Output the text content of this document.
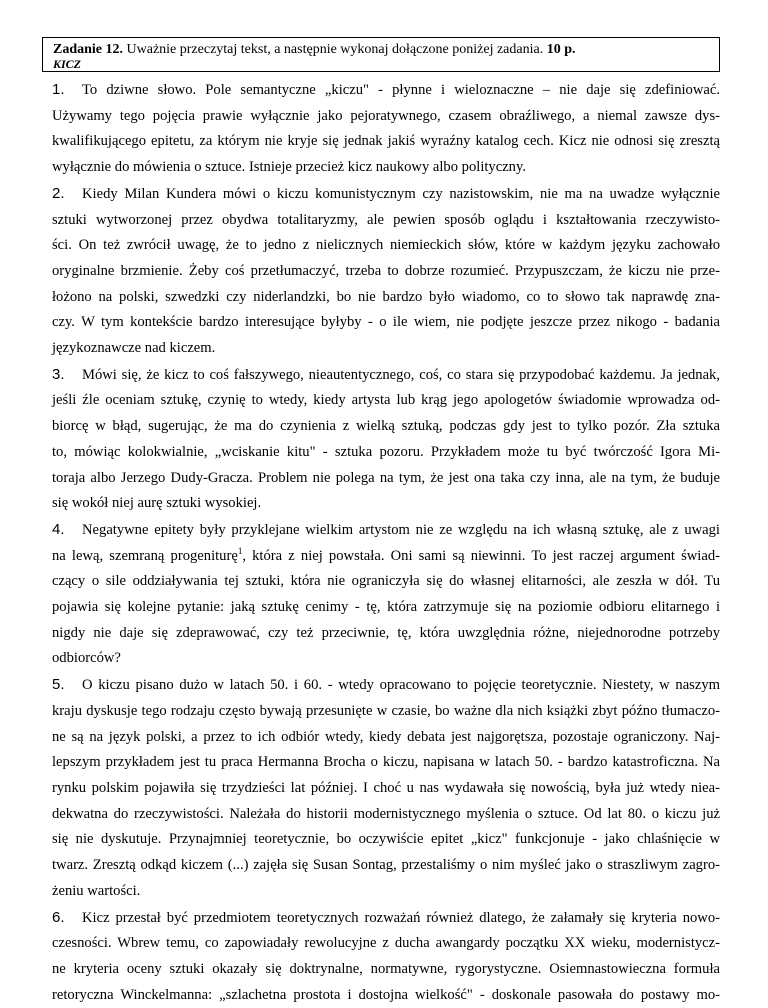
Zadanie 12. Uważnie przeczytaj tekst, a następnie wykonaj dołączone poniżej zadania. 10 p.
KICZ
1. To dziwne słowo. Pole semantyczne „kiczu" - płynne i wieloznaczne – nie daje się zdefiniować.
Używamy tego pojęcia prawie wyłącznie jako pejoratywnego, czasem obraźliwego, a niemal zawsze dys-
kwalifikującego epitetu, za którym nie kryje się jednak jakiś wyraźny katalog cech. Kicz nie odnosi się zresztą
wyłącznie do mówienia o sztuce. Istnieje przecież kicz naukowy albo polityczny.
2. Kiedy Milan Kundera mówi o kiczu komunistycznym czy nazistowskim, nie ma na uwadze wyłącznie
sztuki wytworzonej przez obydwa totalitaryzmy, ale pewien sposób oglądu i kształtowania rzeczywisto-
ści. On też zwrócił uwagę, że to jedno z nielicznych niemieckich słów, które w każdym języku zachowało
oryginalne brzmienie. Żeby coś przetłumaczyć, trzeba to dobrze rozumieć. Przypuszczam, że kiczu nie prze-
łożono na polski, szwedzki czy niderlandzki, bo nie bardzo było wiadomo, co to słowo tak naprawdę zna-
czy. W tym kontekście bardzo interesujące byłyby - o ile wiem, nie podjęte jeszcze przez nikogo - badania
językoznawcze nad kiczem.
3. Mówi się, że kicz to coś fałszywego, nieautentycznego, coś, co stara się przypodobać każdemu. Ja jednak,
jeśli źle oceniam sztukę, czynię to wtedy, kiedy artysta lub krąg jego apologetów świadomie wprowadza od-
biorcę w błąd, sugerując, że ma do czynienia z wielką sztuką, podczas gdy jest to tylko pozór. Zła sztuka
to, mówiąc kolokwialnie, „wciskanie kitu" - sztuka pozoru. Przykładem może tu być twórczość Igora Mi-
toraja albo Jerzego Dudy-Gracza. Problem nie polega na tym, że jest ona taka czy inna, ale na tym, że buduje
się wokół niej aurę sztuki wysokiej.
4. Negatywne epitety były przyklejane wielkim artystom nie ze względu na ich własną sztukę, ale z uwagi
na lewą, szemraną progeniturę$^1$, która z niej powstała. Oni sami są niewinni. To jest raczej argument świad-
czący o sile oddziaływania tej sztuki, która nie ograniczyła się do własnej elitarności, ale zeszła w dół. Tu
pojawia się kolejne pytanie: jaką sztukę cenimy - tę, która zatrzymuje się na poziomie odbioru elitarnego i
nigdy nie daje się zdeprawować, czy też przeciwnie, tę, która uwzględnia różne, niejednorodne potrzeby
odbiorców?
5. O kiczu pisano dużo w latach 50. i 60. - wtedy opracowano to pojęcie teoretycznie. Niestety, w naszym
kraju dyskusje tego rodzaju często bywają przesunięte w czasie, bo ważne dla nich książki zbyt późno tłumaczo-
ne są na język polski, a przez to ich odbiór wtedy, kiedy debata jest najgorętsza, pozostaje ograniczony. Naj-
lepszym przykładem jest tu praca Hermanna Brocha o kiczu, napisana w latach 50. - bardzo katastroficzna. Na
rynku polskim pojawiła się trzydzieści lat później. I choć u nas wydawała się nowością, była już wtedy nieа-
dekwatna do rzeczywistości. Należała do historii modernistycznego myślenia o sztuce. Od lat 80. o kiczu już
się nie dyskutuje. Przynajmniej teoretycznie, bo oczywiście epitet „kicz" funkcjonuje - jako chlaśnięcie w
twarz. Zresztą odkąd kiczem (...) zajęła się Susan Sontag, przestaliśmy o nim myśleć jako o straszliwym zagro-
żeniu wartości.
6. Kicz przestał być przedmiotem teoretycznych rozważań również dlatego, że załamały się kryteria nowo-
czesności. Wbrew temu, co zapowiadały rewolucyjne z ducha awangardy początku XX wieku, modernistycz-
ne kryteria oceny sztuki okazały się doktrynalne, normatywne, rygorystyczne. Osiemnastowieczna formuła
retoryczna Winckelmanna: „szlachetna prostota i dostojna wielkość" - doskonale pasowała do postawy mo-
